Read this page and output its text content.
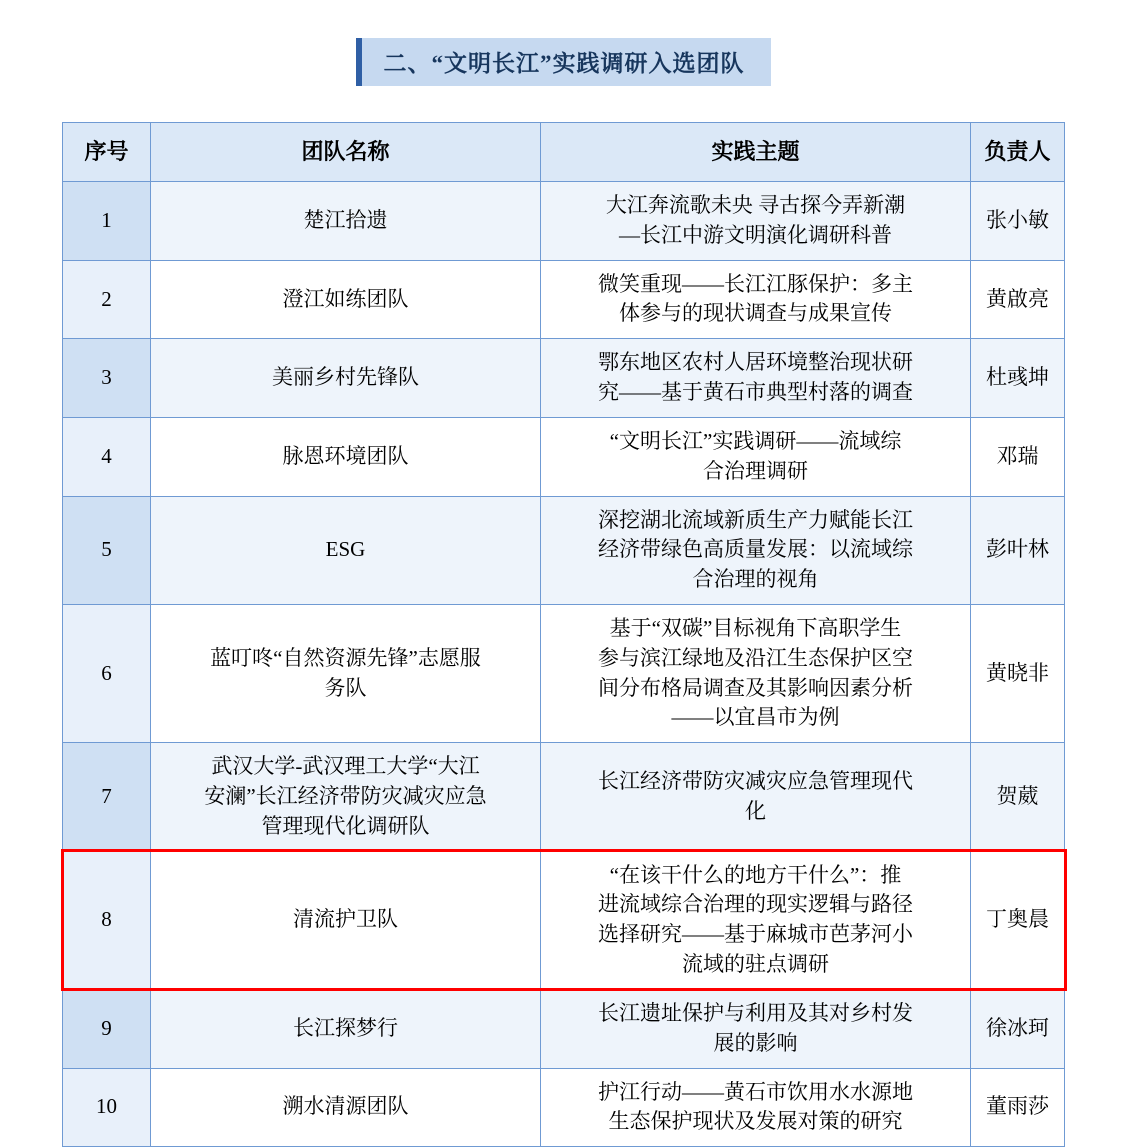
二、“文明长江”实践调研入选团队
序号	团队名称	实践主题	负责人

1	楚江拾遗	大江奔流歌未央 寻古探今弄新潮
—长江中游文明演化调研科普	张小敏

2	澄江如练团队	微笑重现——长江江豚保护：多主
体参与的现状调查与成果宣传	黄啟亮

3	美丽乡村先锋队	鄂东地区农村人居环境整治现状研
究——基于黄石市典型村落的调查	杜彧坤

4	脉恩环境团队	“文明长江”实践调研——流域综
合治理调研	邓瑞

5	ESG	深挖湖北流域新质生产力赋能长江
经济带绿色高质量发展：以流域综
合治理的视角	彭叶林

6	蓝叮咚“自然资源先锋”志愿服
务队	基于“双碳”目标视角下高职学生
参与滨江绿地及沿江生态保护区空
间分布格局调查及其影响因素分析
——以宜昌市为例	黄晓非

7	武汉大学-武汉理工大学“大江
安澜”长江经济带防灾减灾应急
管理现代化调研队	长江经济带防灾减灾应急管理现代
化	贺葳

8	清流护卫队	“在该干什么的地方干什么”：推
进流域综合治理的现实逻辑与路径
选择研究——基于麻城市芭茅河小
流域的驻点调研	丁奥晨

9	长江探梦行	长江遗址保护与利用及其对乡村发
展的影响	徐冰珂

10	溯水清源团队	护江行动——黄石市饮用水水源地
生态保护现状及发展对策的研究	董雨莎
